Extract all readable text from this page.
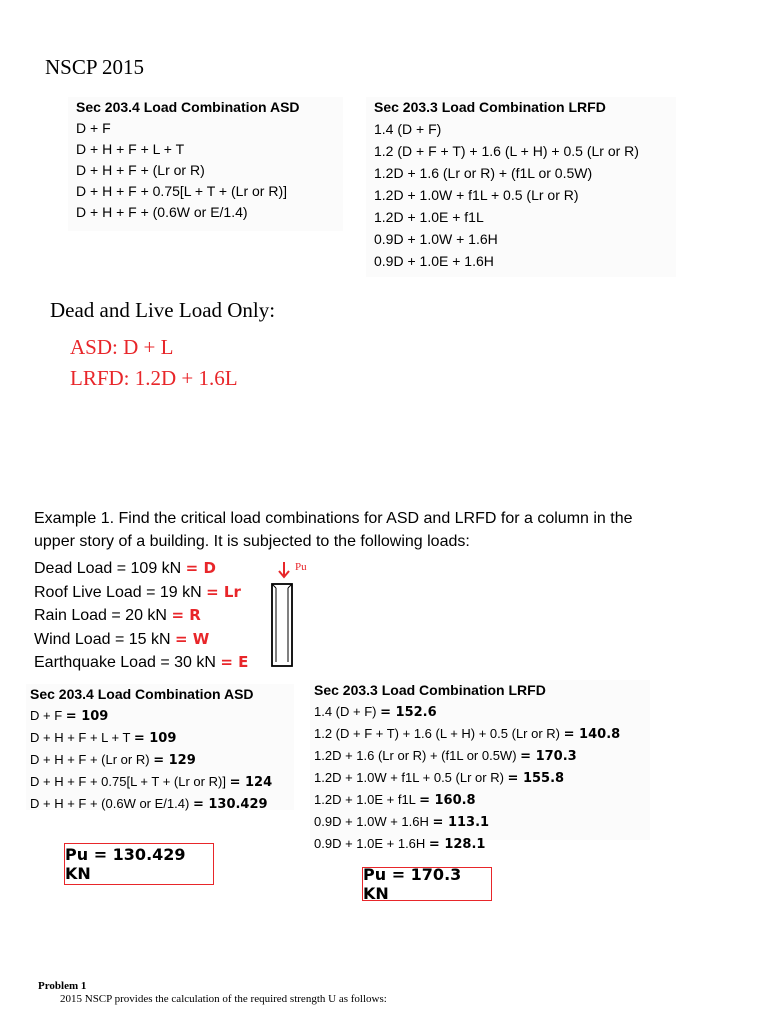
NSCP 2015
Sec 203.4 Load Combination ASD
D + F
D + H + F + L + T
D + H + F + (Lr or R)
D + H + F + 0.75[L + T + (Lr or R)]
D + H + F + (0.6W or E/1.4)
Sec 203.3 Load Combination LRFD
1.4 (D + F)
1.2 (D + F + T) + 1.6 (L + H) + 0.5 (Lr or R)
1.2D + 1.6 (Lr or R) + (f1L or 0.5W)
1.2D + 1.0W + f1L + 0.5 (Lr or R)
1.2D + 1.0E + f1L
0.9D + 1.0W + 1.6H
0.9D + 1.0E + 1.6H
Dead and Live Load Only:
ASD: D + L
LRFD: 1.2D + 1.6L
Example 1. Find the critical load combinations for ASD and LRFD for a column in the upper story of a building. It is subjected to the following loads:
Dead Load = 109 kN = D
Roof Live Load = 19 kN = Lr
Rain Load = 20 kN = R
Wind Load = 15 kN = W
Earthquake Load = 30 kN = E
Pu
Sec 203.4 Load Combination ASD
D + F = 109
D + H + F + L + T = 109
D + H + F + (Lr or R) = 129
D + H + F + 0.75[L + T + (Lr or R)] = 124
D + H + F + (0.6W or E/1.4) = 130.429
Sec 203.3 Load Combination LRFD
1.4 (D + F) = 152.6
1.2 (D + F + T) + 1.6 (L + H) + 0.5 (Lr or R) = 140.8
1.2D + 1.6 (Lr or R) + (f1L or 0.5W) = 170.3
1.2D + 1.0W + f1L + 0.5 (Lr or R) = 155.8
1.2D + 1.0E + f1L = 160.8
0.9D + 1.0W + 1.6H = 113.1
0.9D + 1.0E + 1.6H = 128.1
Pu = 130.429 KN	Pu = 170.3 KN
Problem 1
2015 NSCP provides the calculation of the required strength U as follows:
